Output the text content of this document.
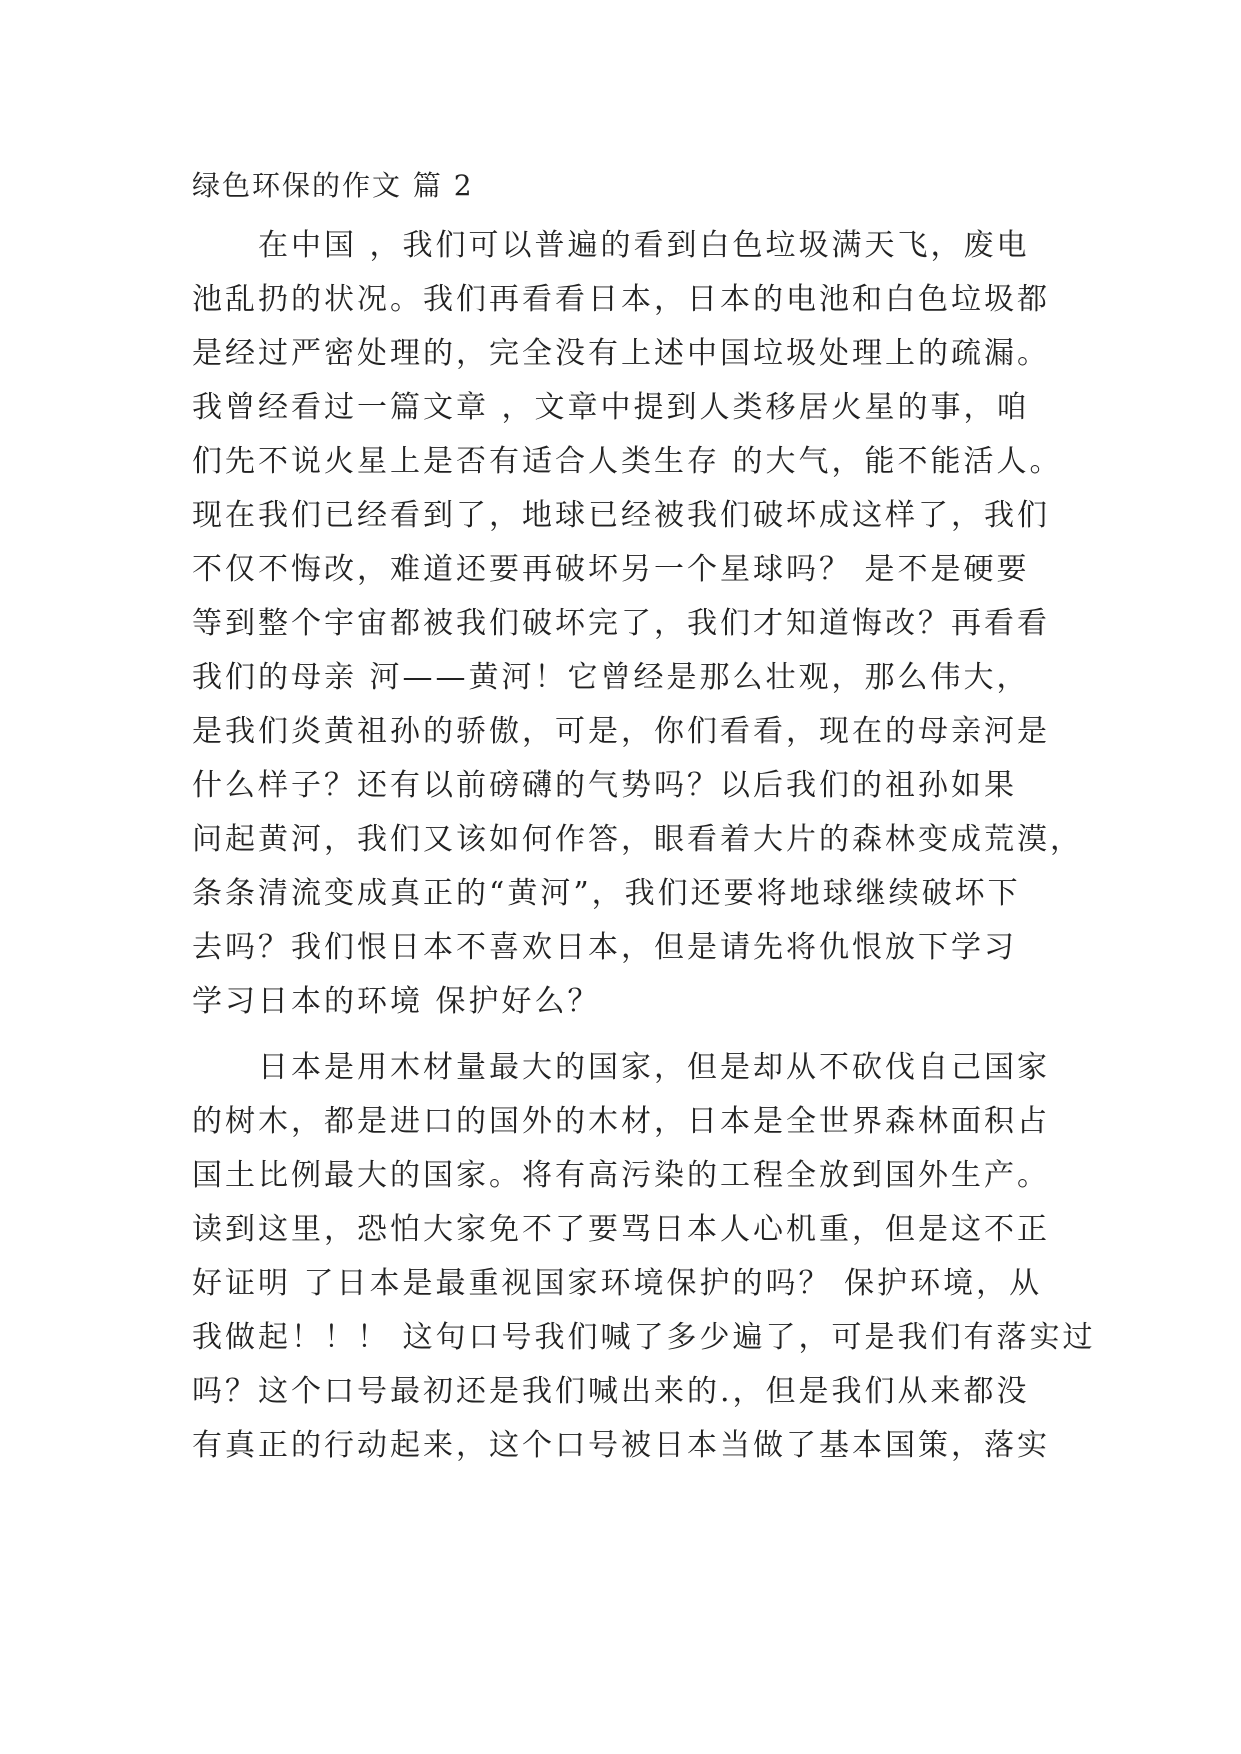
绿色环保的作文 篇 2
在中国 ，我们可以普遍的看到白色垃圾满天飞，废电
池乱扔的状况。我们再看看日本，日本的电池和白色垃圾都
是经过严密处理的，完全没有上述中国垃圾处理上的疏漏。
我曾经看过一篇文章 ，文章中提到人类移居火星的事，咱
们先不说火星上是否有适合人类生存 的大气，能不能活人。
现在我们已经看到了，地球已经被我们破坏成这样了，我们
不仅不悔改，难道还要再破坏另一个星球吗？ 是不是硬要
等到整个宇宙都被我们破坏完了，我们才知道悔改？再看看
我们的母亲 河——黄河！它曾经是那么壮观，那么伟大，
是我们炎黄祖孙的骄傲，可是，你们看看，现在的母亲河是
什么样子？还有以前磅礴的气势吗？以后我们的祖孙如果
问起黄河，我们又该如何作答，眼看着大片的森林变成荒漠，
条条清流变成真正的“黄河”，我们还要将地球继续破坏下
去吗？我们恨日本不喜欢日本，但是请先将仇恨放下学习
学习日本的环境 保护好么？
日本是用木材量最大的国家，但是却从不砍伐自己国家
的树木，都是进口的国外的木材，日本是全世界森林面积占
国土比例最大的国家。将有高污染的工程全放到国外生产。
读到这里，恐怕大家免不了要骂日本人心机重，但是这不正
好证明 了日本是最重视国家环境保护的吗？ 保护环境，从
我做起！！！ 这句口号我们喊了多少遍了，可是我们有落实过
吗？这个口号最初还是我们喊出来的.，但是我们从来都没
有真正的行动起来，这个口号被日本当做了基本国策，落实
